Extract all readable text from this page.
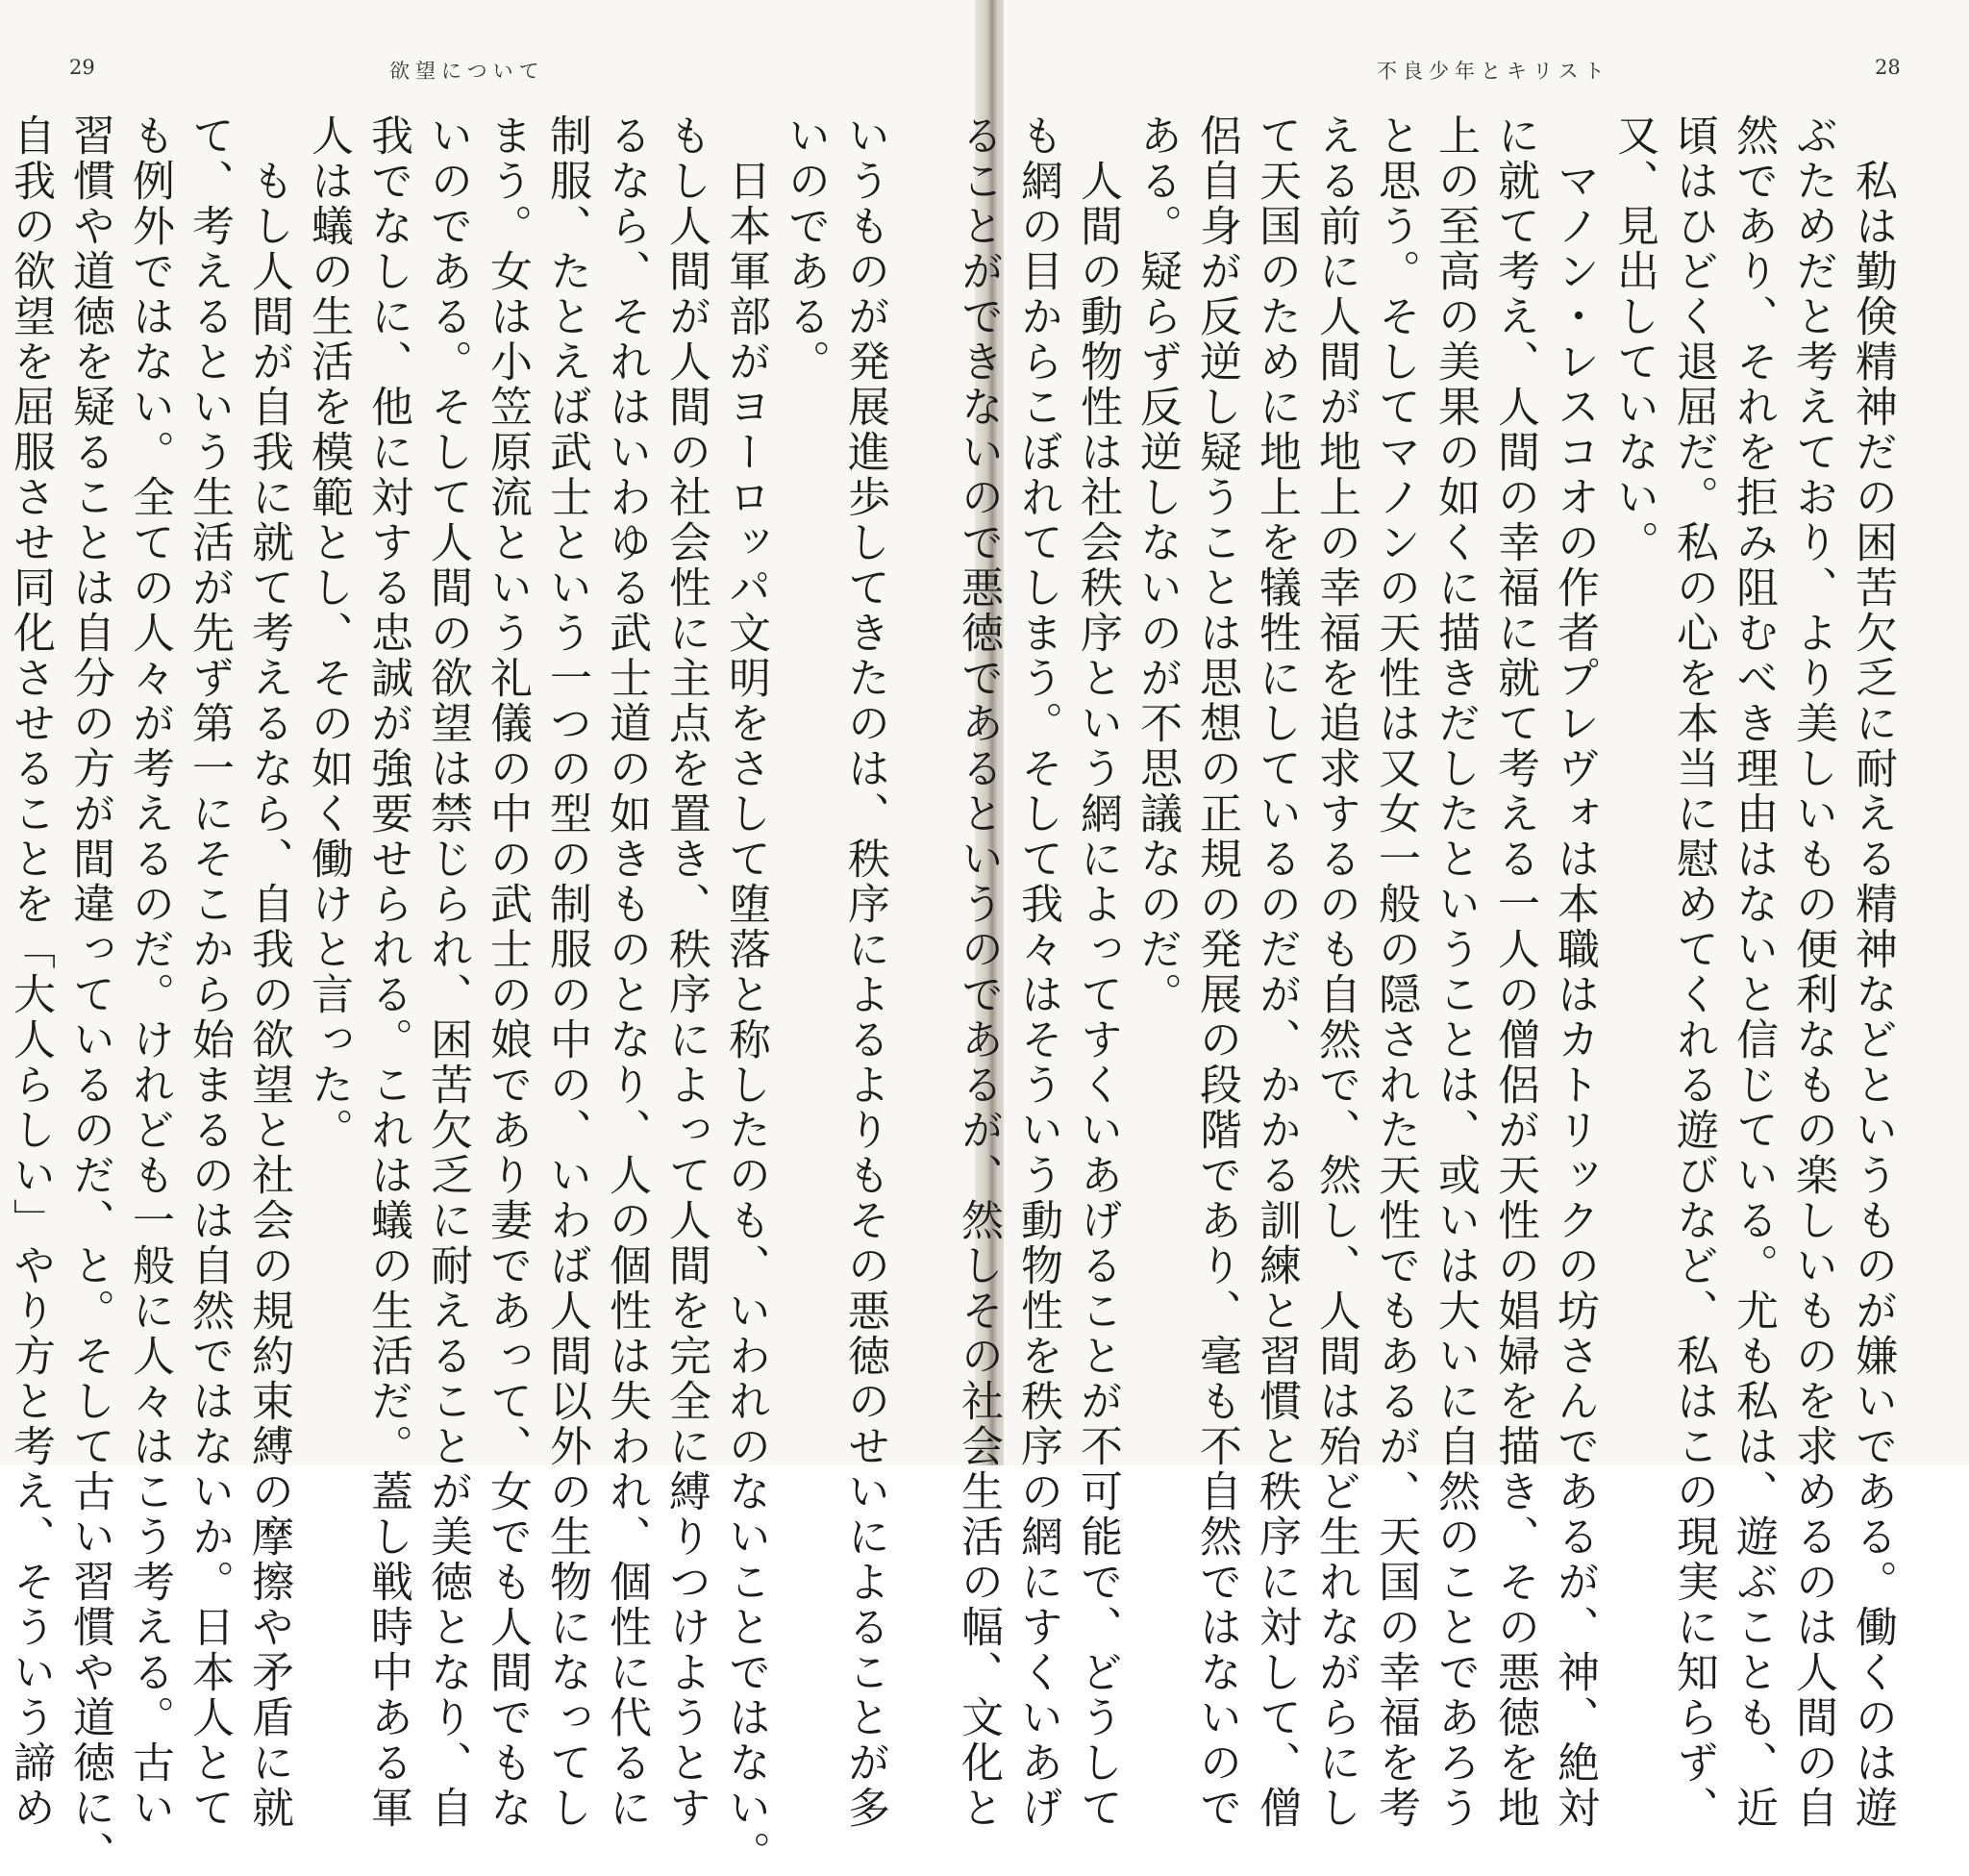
29	欲望について
いうものが発展進歩してきたのは、秩序によるよりもその悪徳のせいによることが多
いのである。
　日本軍部がヨーロッパ文明をさして堕落と称したのも、いわれのないことではない。
もし人間が人間の社会性に主点を置き、秩序によって人間を完全に縛りつけようとす
るなら、それはいわゆる武士道の如きものとなり、人の個性は失われ、個性に代るに
制服、たとえば武士という一つの型の制服の中の、いわば人間以外の生物になってし
まう。女は小笠原流という礼儀の中の武士の娘であり妻であって、女でも人間でもな
いのである。そして人間の欲望は禁じられ、困苦欠乏に耐えることが美徳となり、自
我でなしに、他に対する忠誠が強要せられる。これは蟻の生活だ。蓋し戦時中ある軍
人は蟻の生活を模範とし、その如く働けと言った。
　もし人間が自我に就て考えるなら、自我の欲望と社会の規約束縛の摩擦や矛盾に就
て、考えるという生活が先ず第一にそこから始まるのは自然ではないか。日本人とて
も例外ではない。全ての人々が考えるのだ。けれども一般に人々はこう考える。古い
習慣や道徳を疑ることは自分の方が間違っているのだ、と。そして古い習慣や道徳に、
自我の欲望を屈服させ同化させることを「大人らしい」やり方と考え、そういう諦め
不良少年とキリスト	28
　私は勤倹精神だの困苦欠乏に耐える精神などというものが嫌いである。働くのは遊
ぶためだと考えており、より美しいもの便利なもの楽しいものを求めるのは人間の自
然であり、それを拒み阻むべき理由はないと信じている。尤も私は、遊ぶことも、近
頃はひどく退屈だ。私の心を本当に慰めてくれる遊びなど、私はこの現実に知らず、
又、見出していない。
　マノン・レスコオの作者プレヴォは本職はカトリックの坊さんであるが、神、絶対
に就て考え、人間の幸福に就て考える一人の僧侶が天性の娼婦を描き、その悪徳を地
上の至高の美果の如くに描きだしたということは、或いは大いに自然のことであろう
と思う。そしてマノンの天性は又女一般の隠された天性でもあるが、天国の幸福を考
える前に人間が地上の幸福を追求するのも自然で、然し、人間は殆ど生れながらにし
て天国のために地上を犠牲にしているのだが、かかる訓練と習慣と秩序に対して、僧
侶自身が反逆し疑うことは思想の正規の発展の段階であり、毫も不自然ではないので
ある。疑らず反逆しないのが不思議なのだ。
　人間の動物性は社会秩序という網によってすくいあげることが不可能で、どうして
も網の目からこぼれてしまう。そして我々はそういう動物性を秩序の網にすくいあげ
ることができないので悪徳であるというのであるが、然しその社会生活の幅、文化と
